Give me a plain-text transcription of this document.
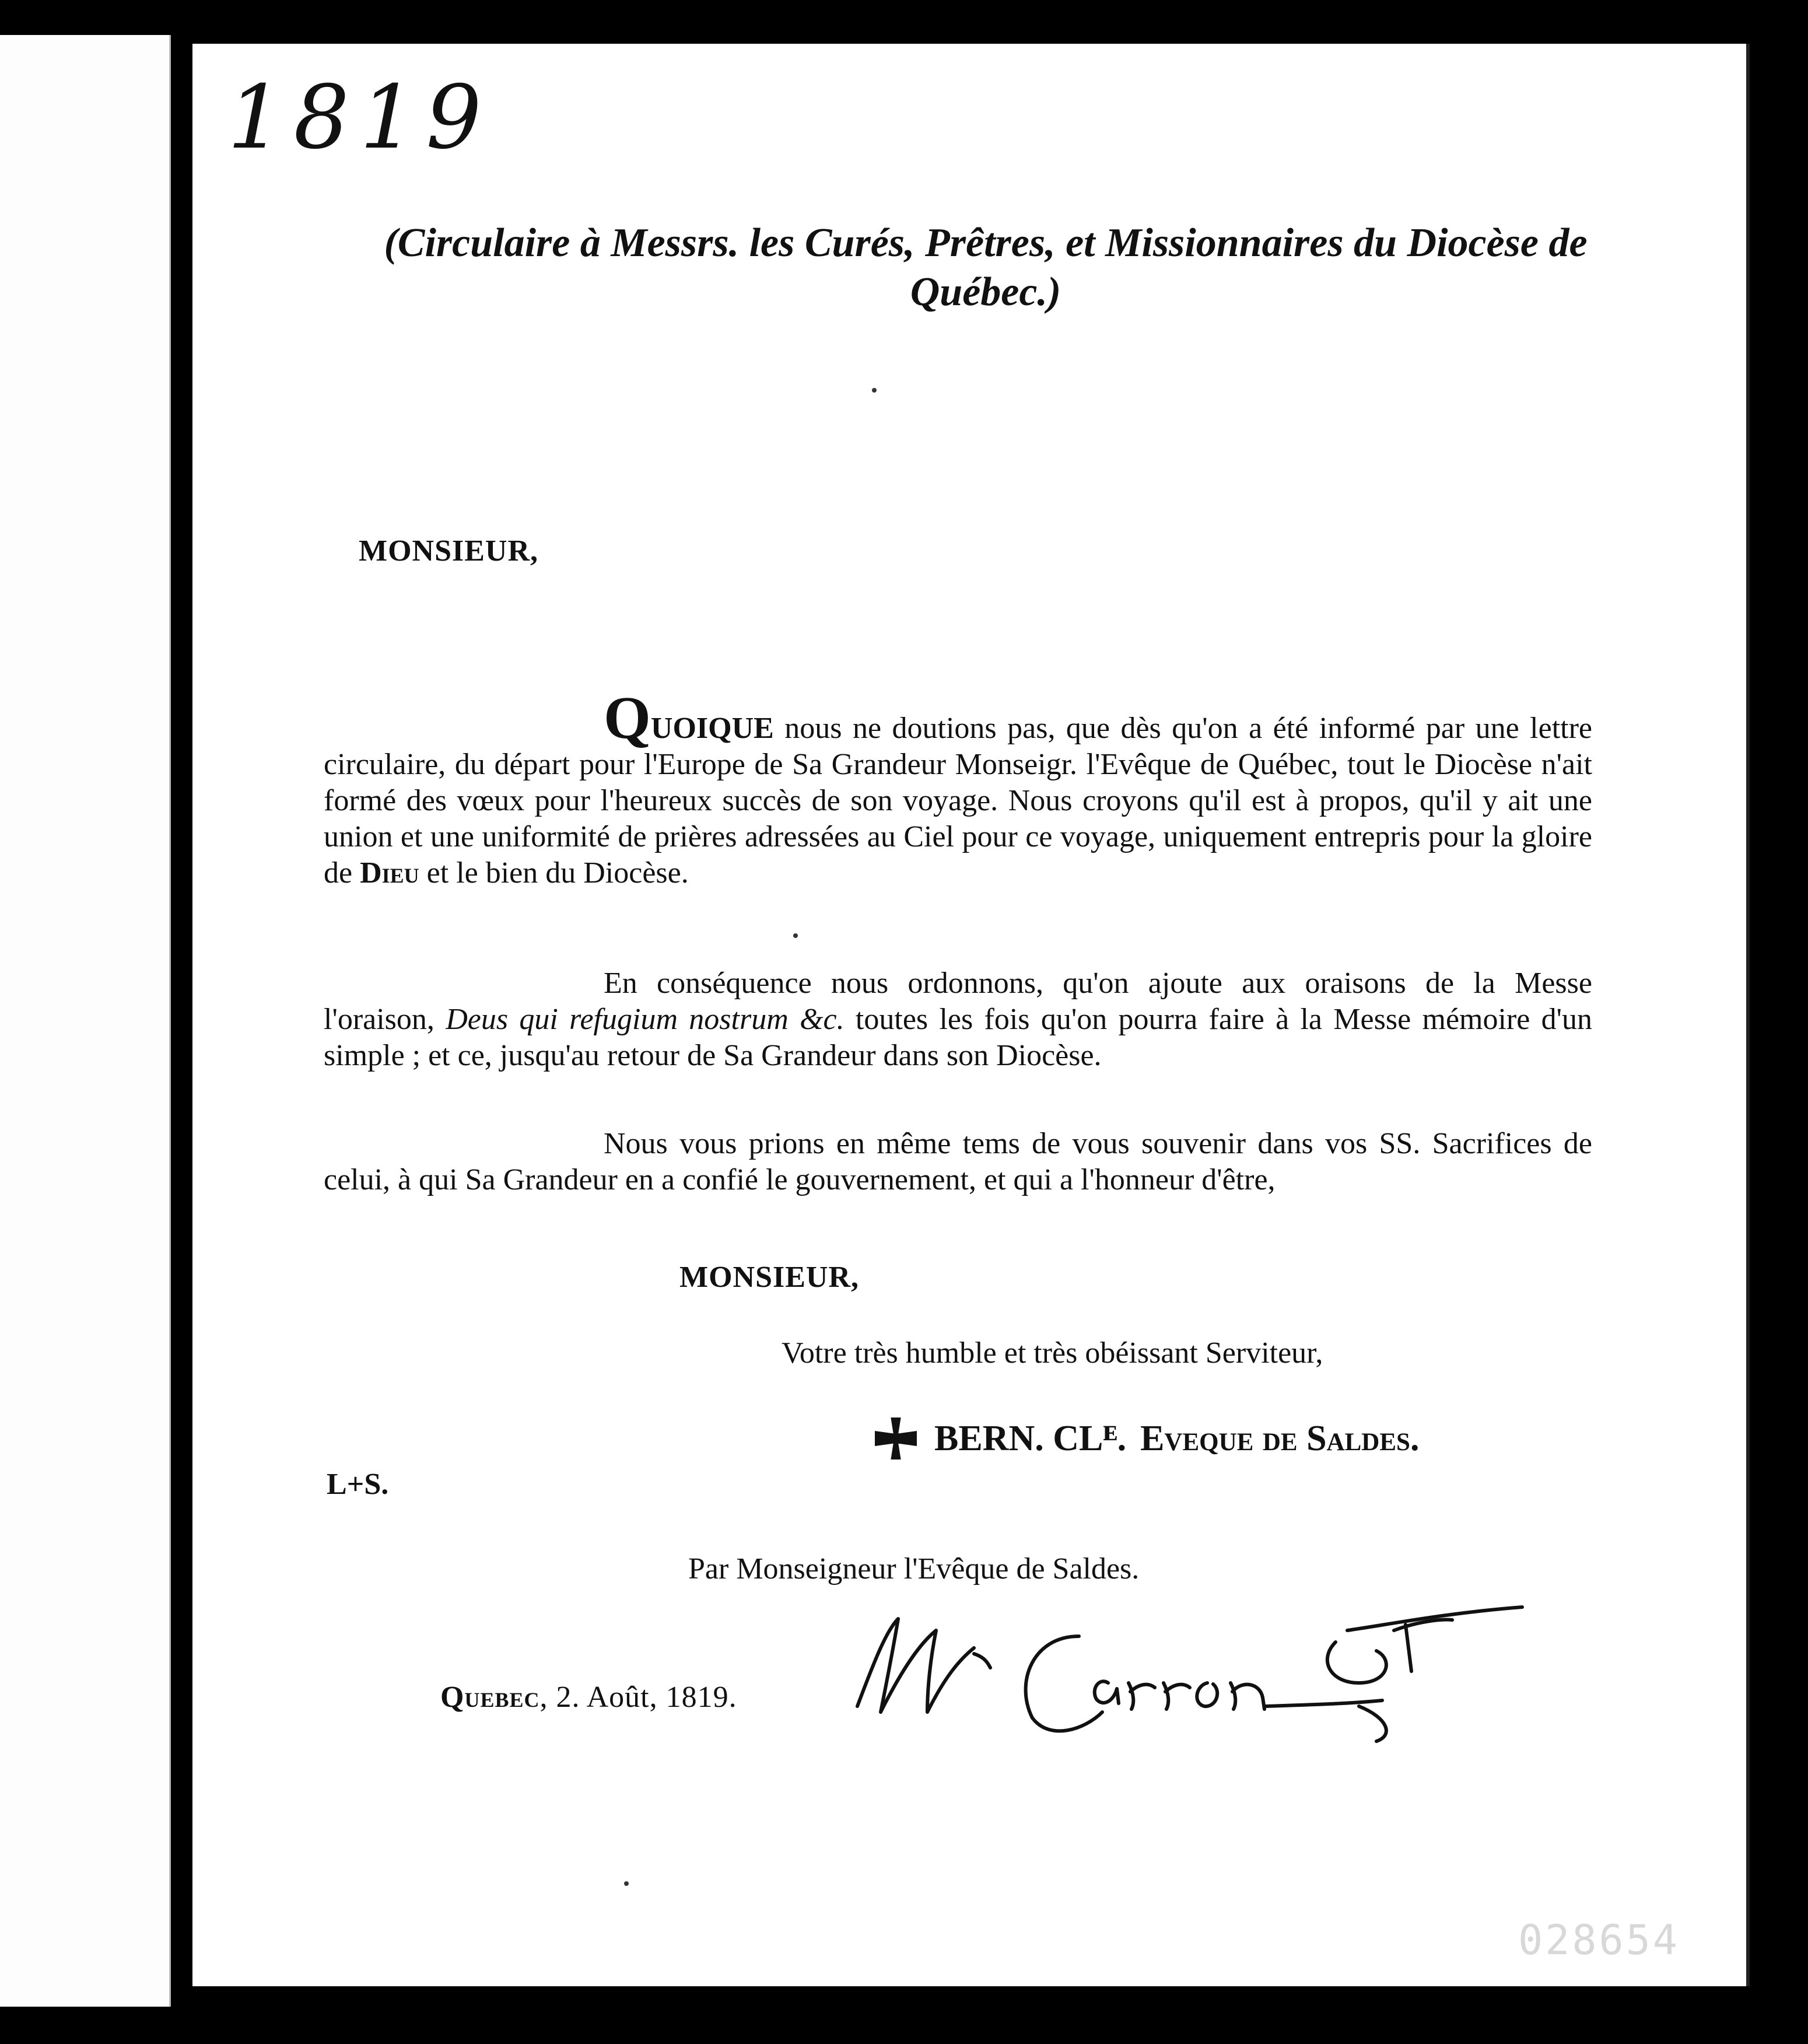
1819
(Circulaire à Messrs. les Curés, Prêtres, et Missionnaires du Diocèse de Québec.)
MONSIEUR,
QUOIQUE nous ne doutions pas, que dès qu'on a été informé par une lettre circulaire, du départ pour l'Europe de Sa Grandeur Monseigr. l'Evêque de Québec, tout le Diocèse n'ait formé des vœux pour l'heureux succès de son voyage. Nous croyons qu'il est à propos, qu'il y ait une union et une uniformité de prières adressées au Ciel pour ce voyage, uniquement entrepris pour la gloire de Dieu et le bien du Diocèse.
En conséquence nous ordonnons, qu'on ajoute aux oraisons de la Messe l'oraison, Deus qui refugium nostrum &c. toutes les fois qu'on pourra faire à la Messe mémoire d'un simple ; et ce, jusqu'au retour de Sa Grandeur dans son Diocèse.
Nous vous prions en même tems de vous souvenir dans vos SS. Sacrifices de celui, à qui Sa Grandeur en a confié le gouvernement, et qui a l'honneur d'être,
MONSIEUR,
Votre très humble et très obéissant Serviteur,
BERN. CLᴱ. Eveque de Saldes.
L+S.
Par Monseigneur l'Evêque de Saldes.
Quebec, 2. Août, 1819.
028654
